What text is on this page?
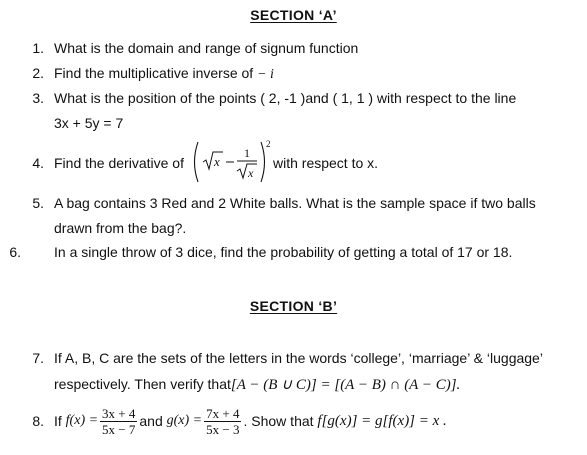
SECTION ‘A’
1. What is the domain and range of signum function
2. Find the multiplicative inverse of − i
3. What is the position of the points ( 2, -1 )and ( 1, 1 ) with respect to the line
3x + 5y = 7
4. Find the derivative of x
1
x
2
with respect to x.
5. A bag contains 3 Red and 2 White balls. What is the sample space if two balls
drawn from the bag?.
6. In a single throw of 3 dice, find the probability of getting a total of 17 or 18.
SECTION ‘B’
7. If A, B, C are the sets of the letters in the words ‘college’, ‘marriage’ & ‘luggage’
respectively. Then verify that[A − (B ∪ C)] = [(A − B) ∩ (A − C)].
8. If
$f(x) = \frac{3x + 4}{5x - 7}$ and
$g(x) = \frac{7x + 4}{5x - 3}$ . Show that
f[g(x)] = g[f(x)] = x .
